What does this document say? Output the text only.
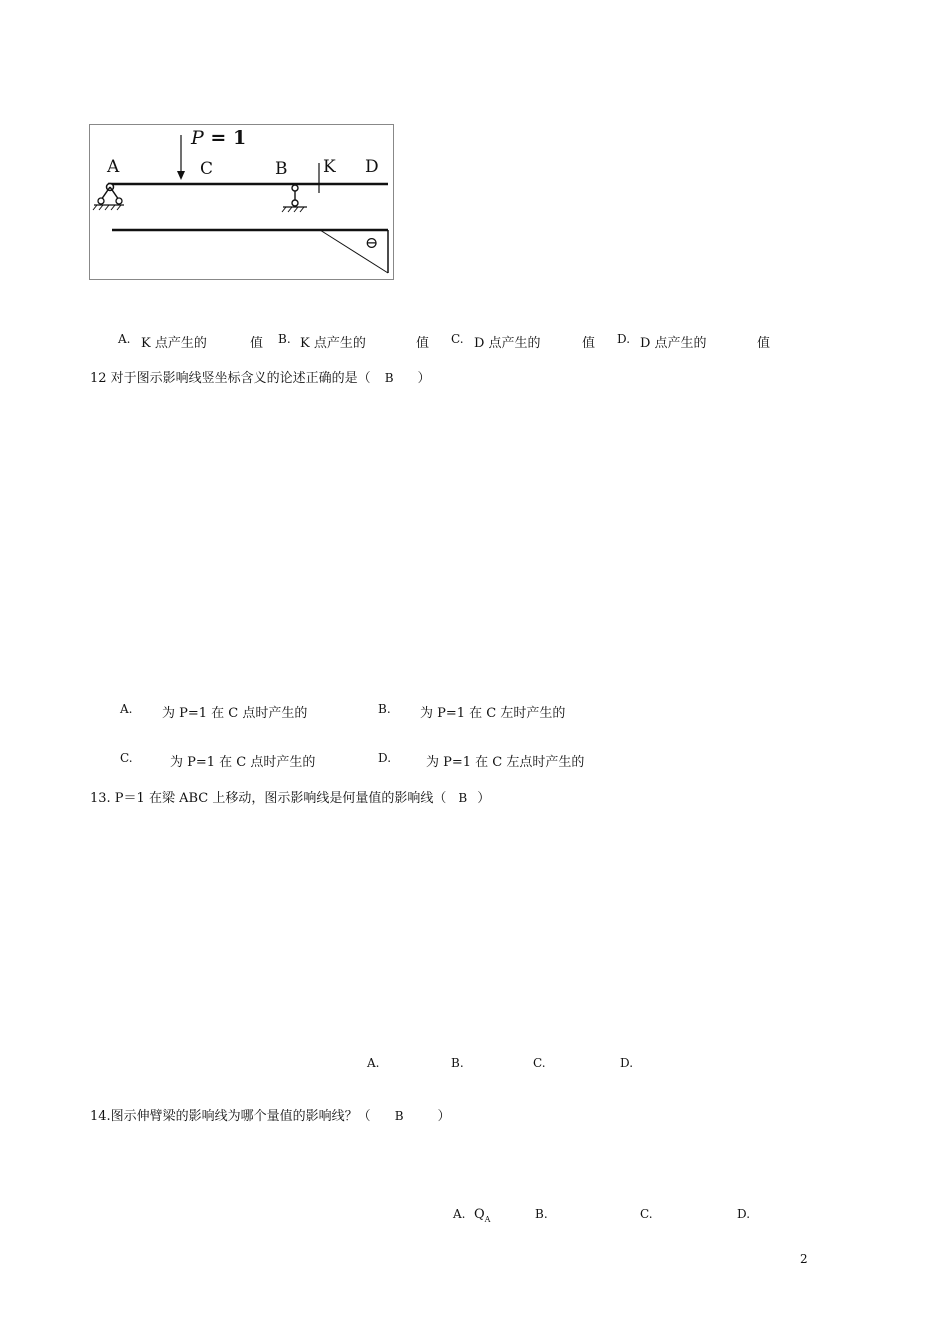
P = 1
A	C	B K D
⊖
A. K 点产生的	值 B. K 点产生的	值 C. D 点产生的	值 D. D 点产生的	值
12 对于图示影响线竖坐标含义的论述正确的是（ B ）
A. 为 P=1 在 C 点时产生的	B. 为 P=1 在 C 左时产生的
C.	为 P=1 在 C 点时产生的	D.	为 P=1 在 C 左点时产生的
13. P＝1 在梁 ABC 上移动，图示影响线是何量值的影响线（ B ）
A.	B.	C.	D.
14.图示伸臂梁的影响线为哪个量值的影响线？（ B	）
A. $Q_A$	B.	C.	D.
2
